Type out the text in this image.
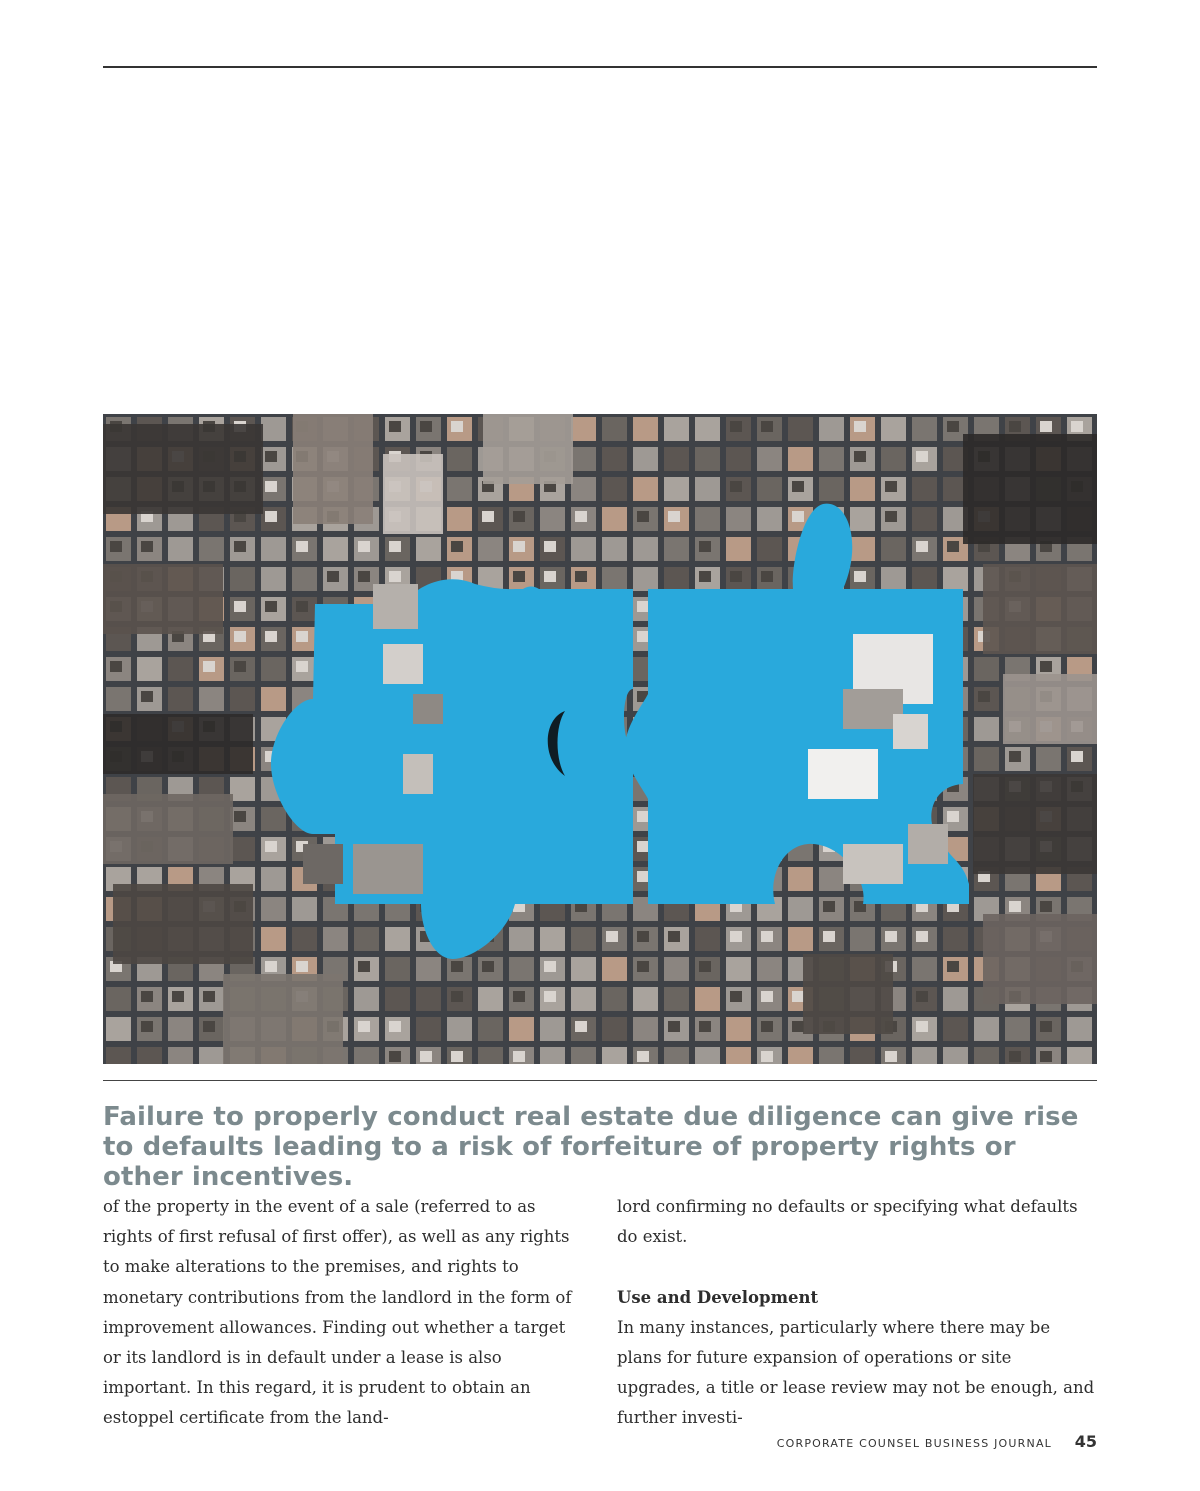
Failure to properly conduct real estate due diligence can give rise to defaults leading to a risk of forfeiture of property rights or other incentives.

of the property in the event of a sale (referred to as rights of first refusal of first offer), as well as any rights to make alterations to the premises, and rights to monetary contributions from the landlord in the form of improvement allowances. Finding out whether a target or its landlord is in default under a lease is also important. In this regard, it is prudent to obtain an estoppel certificate from the land-

lord confirming no defaults or specifying what defaults do exist.

Use and Development

In many instances, particularly where there may be plans for future expansion of operations or site upgrades, a title or lease review may not be enough, and further investi-

CORPORATE COUNSEL BUSINESS JOURNAL 45
